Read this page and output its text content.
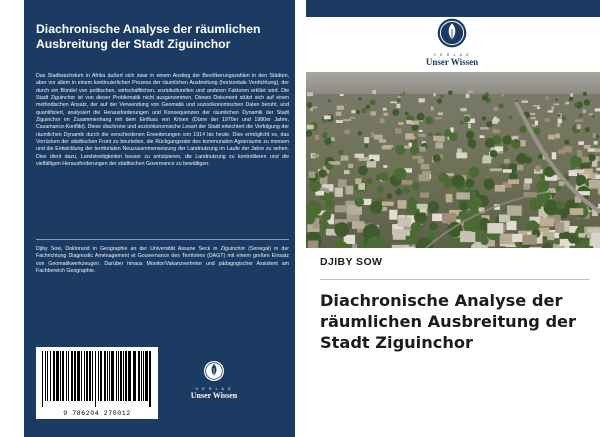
Diachronische Analyse der räumlichen Ausbreitung der Stadt Ziguinchor

Das Stadtwachstum in Afrika äußert sich zwar in einem Anstieg der Bevölkerungszahlen in den Städten, aber vor allem in einem kontinuierlichen Prozess der räumlichen Ausbreitung (horizontale Verdichtung), der durch ein Bündel von politischen, wirtschaftlichen, soziokulturellen und anderen Faktoren erklärt wird. Die Stadt Ziguinchor ist von dieser Problematik nicht ausgenommen. Dieses Dokument stützt sich auf einen methodischen Ansatz, der auf der Verwendung von Geomatik und sozioökonomischen Daten beruht, und quantifiziert, analysiert die Herausforderungen und Konsequenzen der räumlichen Dynamik der Stadt Ziguinchor im Zusammenhang mit dem Einfluss von Krisen (Dürre der 1970er und 1980er Jahre, Casamance-Konflikt). Diese diachrone und sozioökonomische Lesart der Stadt erleichtert die Verfolgung der räumlichen Dynamik durch die verschiedenen Erweiterungen von 1914 bis heute. Dies ermöglicht es, das Vorrücken der städtischen Front zu beurteilen, die Rückgangsrate des kommunalen Agrarraums zu messen und die Entwicklung der territorialen Neuzusammensetzung der Landnutzung im Laufe der Jahre zu sehen. Dies dient dazu, Landstreitigkeiten besser zu antizipieren, die Landnutzung zu kontrollieren und die vielfältigen Herausforderungen der städtischen Governance zu bewältigen.

Djiby Sow, Doktorand in Geographie an der Universität Assane Seck in Ziguinchor (Senegal) in der Fachrichtung Diagnostic Aménagement et Gouvernance des Territoires (DAGT) mit einem großen Einsatz von Geomatikwerkzeugen. Darüber hinaus Monitor/Vakanzvertreter und pädagogischer Assistent am Fachbereich Geographie.

9 786204 270012
V E R L A G
Unser Wissen
V E R L A G
Unser Wissen
DJIBY SOW
Diachronische Analyse der räumlichen Ausbreitung der Stadt Ziguinchor
